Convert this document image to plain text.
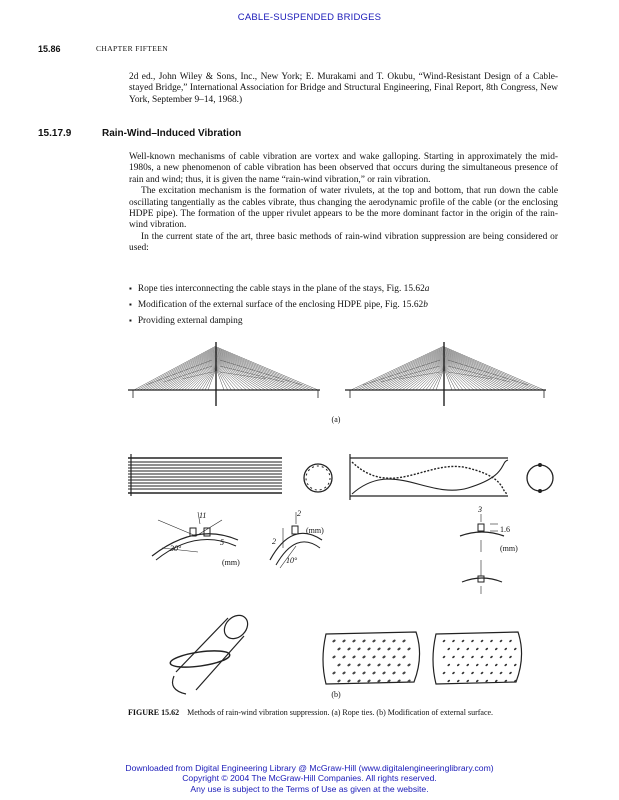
CABLE-SUSPENDED BRIDGES
15.86	CHAPTER FIFTEEN
2d ed., John Wiley & Sons, Inc., New York; E. Murakami and T. Okubu, “Wind-Resistant Design of a Cable-stayed Bridge,” International Association for Bridge and Structural Engineering, Final Report, 8th Congress, New York, September 9–14, 1968.)
15.17.9	Rain-Wind–Induced Vibration
Well-known mechanisms of cable vibration are vortex and wake galloping. Starting in approximately the mid-1980s, a new phenomenon of cable vibration has been observed that occurs during the simultaneous presence of rain and wind; thus, it is given the name “rain-wind vibration,” or rain vibration.
The excitation mechanism is the formation of water rivulets, at the top and bottom, that run down the cable oscillating tangentially as the cables vibrate, thus changing the aerodynamic profile of the cable (or the enclosing HDPE pipe). The formation of the upper rivulet appears to be the more dominant factor in the origin of the rain-wind vibration.
In the current state of the art, three basic methods of rain-wind vibration suppression are being considered or used:
▪ Rope ties interconnecting the cable stays in the plane of the stays, Fig. 15.62a
▪ Modification of the external surface of the enclosing HDPE pipe, Fig. 15.62b
▪ Providing external damping
(a)
11
5
30°
(mm)
2
2
10°
(mm)
3
1.6
(mm)
(b)
FIGURE 15.62 Methods of rain-wind vibration suppression. (a) Rope ties. (b) Modification of external surface.
Downloaded from Digital Engineering Library @ McGraw-Hill (www.digitalengineeringlibrary.com)
Copyright © 2004 The McGraw-Hill Companies. All rights reserved.
Any use is subject to the Terms of Use as given at the website.
